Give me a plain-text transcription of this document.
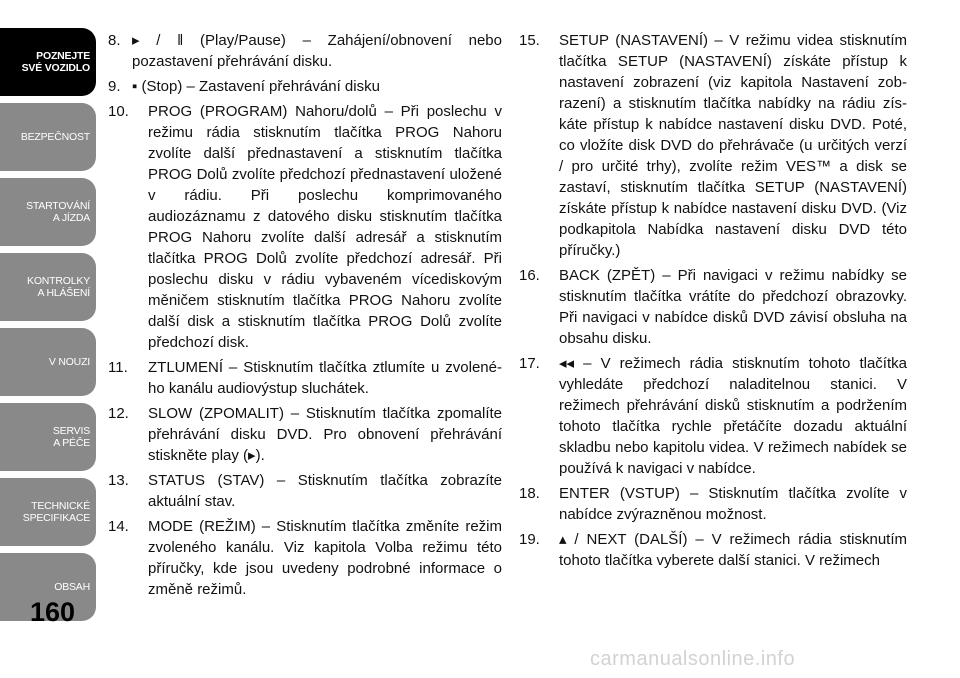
POZNEJTE
SVÉ VOZIDLO
BEZPEČNOST
STARTOVÁNÍ
A JÍZDA
KONTROLKY
A HLÁŠENÍ
V NOUZI
SERVIS
A PÉČE
TECHNICKÉ
SPECIFIKACE
OBSAH
160
8. ▸ / ǁ (Play/Pause) – Zahájení/obnovení nebo pozastavení přehrávání disku.
9. ▪ (Stop) – Zastavení přehrávání disku
10.	PROG (PROGRAM) Nahoru/dolů – Při poslechu v režimu rádia stisknutím tlačítka PROG Nahoru zvolíte další přednastavení a stisknutím tlačítka PROG Dolů zvolíte předchozí přednastavení uložené v rádiu. Při poslechu komprimovaného audiozáznamu z datového disku stisknutím tlačítka PROG Nahoru zvolíte další adresář a stisknutím tlačítka PROG Dolů zvolíte předchozí adresář. Při poslechu disku v rádiu vybaveném vícediskovým měničem stisknutím tlačítka PROG Nahoru zvolíte další disk a stisknutím tlačítka PROG Dolů zvolíte předchozí disk.
11.	ZTLUMENÍ – Stisknutím tlačítka ztlumíte u zvoleného kanálu audiovýstup sluchátek.
12.	SLOW (ZPOMALIT) – Stisknutím tlačítka zpomalíte přehrávání disku DVD. Pro obnovení přehrávání stiskněte play (▸).
13.	STATUS (STAV) – Stisknutím tlačítka zobrazíte aktuální stav.
14.	MODE (REŽIM) – Stisknutím tlačítka změníte režim zvoleného kanálu. Viz kapitola Volba režimu této příručky, kde jsou uvedeny podrobné informace o změně režimů.
15.	SETUP (NASTAVENÍ) – V režimu videa stisknutím tlačítka SETUP (NASTAVENÍ) získáte přístup k nastavení zobrazení (viz kapitola Nastavení zobrazení) a stisknutím tlačítka nabídky na rádiu získáte přístup k nabídce nastavení disku DVD. Poté, co vložíte disk DVD do přehrávače (u určitých verzí / pro určité trhy), zvolíte režim VES™ a disk se zastaví, stisknutím tlačítka SETUP (NASTAVENÍ) získáte přístup k nabídce nastavení disku DVD. (Viz podkapitola Nabídka nastavení disku DVD této příručky.)
16.	BACK (ZPĚT) – Při navigaci v režimu nabídky se stisknutím tlačítka vrátíte do předchozí obrazovky. Při navigaci v nabídce disků DVD závisí obsluha na obsahu disku.
17.	◂◂ – V režimech rádia stisknutím tohoto tlačítka vyhledáte předchozí naladitelnou stanici. V režimech přehrávání disků stisknutím a podržením tohoto tlačítka rychle přetáčíte dozadu aktuální skladbu nebo kapitolu videa. V režimech nabídek se používá k navigaci v nabídce.
18.	ENTER (VSTUP) – Stisknutím tlačítka zvolíte v nabídce zvýrazněnou možnost.
19.	▴ / NEXT (DALŠÍ) – V režimech rádia stisknutím tohoto tlačítka vyberete další stanici. V režimech
carmanualsonline.info
